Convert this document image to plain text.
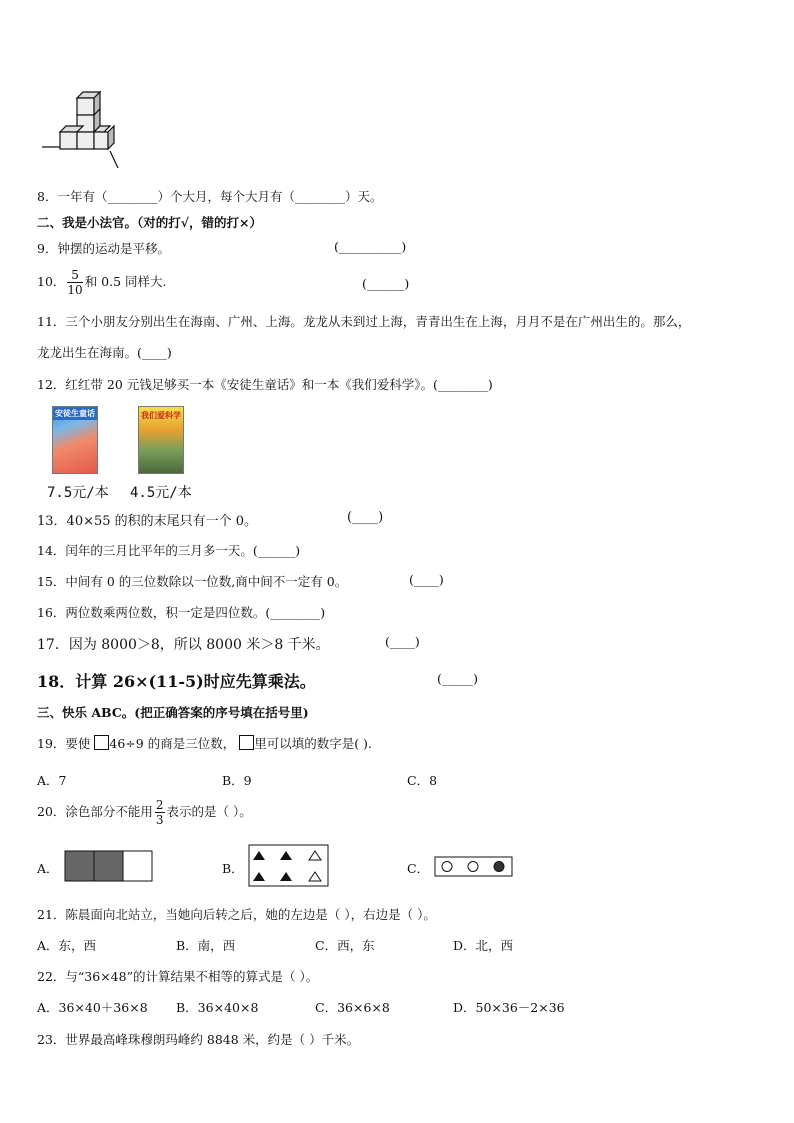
8．一年有（________）个大月，每个大月有（________）天。
二、我是小法官。（对的打√，错的打×）
9．钟摆的运动是平移。	(__________)
10． $\frac{5}{10}$ 和 0.5 同样大.	(______)
11．三个小朋友分别出生在海南、广州、上海。龙龙从未到过上海，青青出生在上海，月月不是在广州出生的。那么，
龙龙出生在海南。(____)
12．红红带 20 元钱足够买一本《安徒生童话》和一本《我们爱科学》。(________)
安徒生童话	我们爱科学
7.5元/本 4.5元/本
13．40×55 的积的末尾只有一个 0。	(____)
14．闰年的三月比平年的三月多一天。(______)
15．中间有 0 的三位数除以一位数,商中间不一定有 0。	(____)
16．两位数乘两位数，积一定是四位数。(________)
17．因为 8000＞8，所以 8000 米＞8 千米。	(____)
18．计算 26×(11-5)时应先算乘法。	(_____)
三、快乐 ABC。(把正确答案的序号填在括号里)
19．要使 46÷9 的商是三位数， 里可以填的数字是( ).
A．7	B．9	C．8
20．涂色部分不能用 $\frac{2}{3}$ 表示的是（ ）。
A．	B．	C．
21．陈晨面向北站立，当她向后转之后，她的左边是（ ），右边是（ ）。
A．东，西	B．南，西	C．西，东	D．北，西
22．与“36×48”的计算结果不相等的算式是（ ）。
A．36×40＋36×8 B．36×40×8	C．36×6×8	D．50×36－2×36
23．世界最高峰珠穆朗玛峰约 8848 米，约是（ ）千米。
